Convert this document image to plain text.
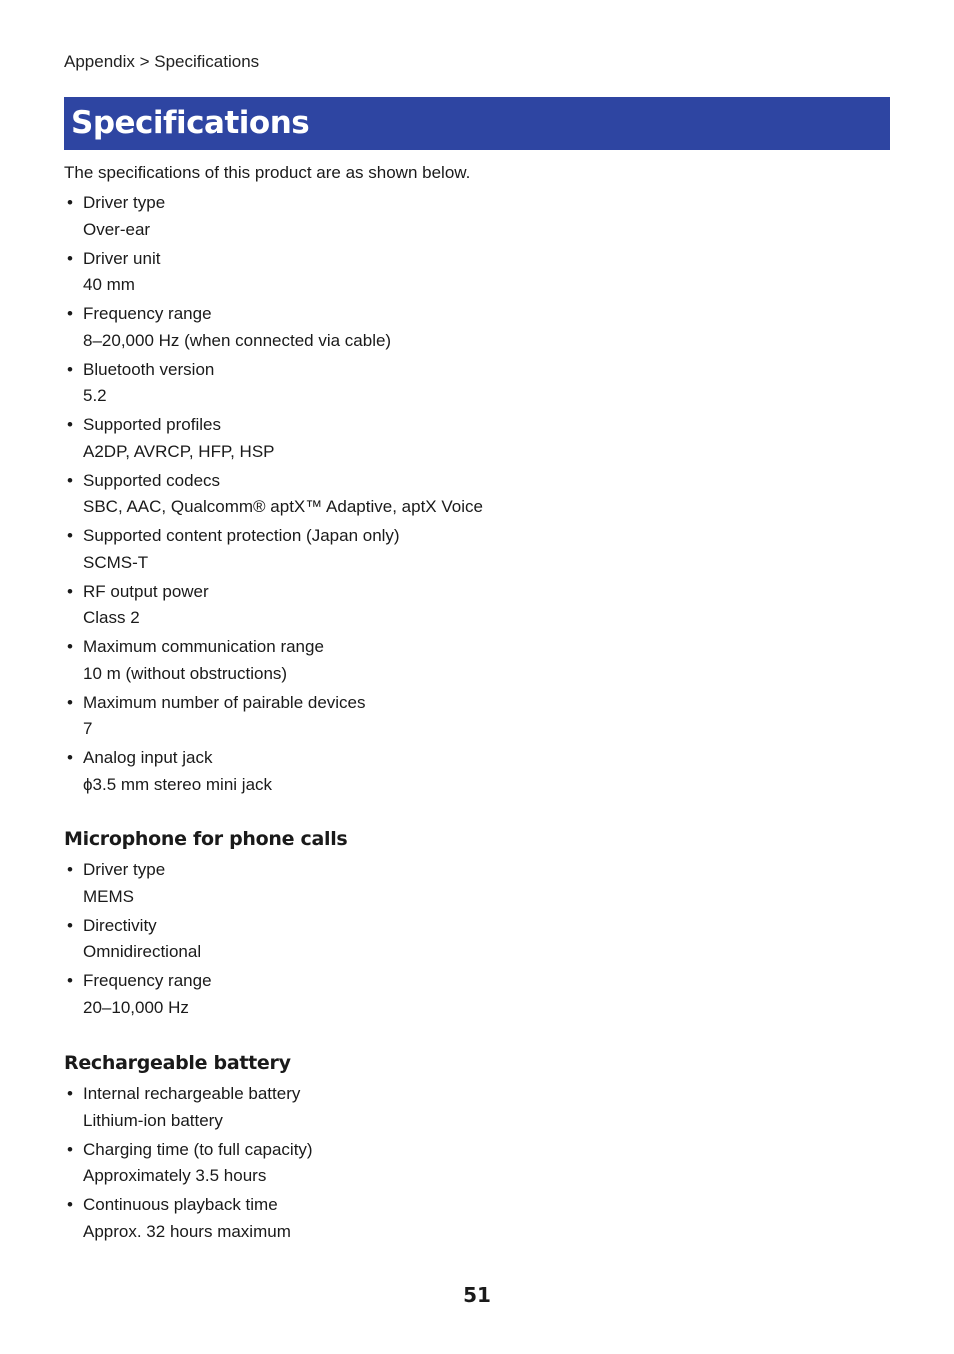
Appendix > Specifications
Specifications
The specifications of this product are as shown below.
• Driver type
Over-ear
• Driver unit
40 mm
• Frequency range
8–20,000 Hz (when connected via cable)
• Bluetooth version
5.2
• Supported profiles
A2DP, AVRCP, HFP, HSP
• Supported codecs
SBC, AAC, Qualcomm® aptX™ Adaptive, aptX Voice
• Supported content protection (Japan only)
SCMS-T
• RF output power
Class 2
• Maximum communication range
10 m (without obstructions)
• Maximum number of pairable devices
7
• Analog input jack
ϕ3.5 mm stereo mini jack
Microphone for phone calls
• Driver type
MEMS
• Directivity
Omnidirectional
• Frequency range
20–10,000 Hz
Rechargeable battery
• Internal rechargeable battery
Lithium-ion battery
• Charging time (to full capacity)
Approximately 3.5 hours
• Continuous playback time
Approx. 32 hours maximum
51
